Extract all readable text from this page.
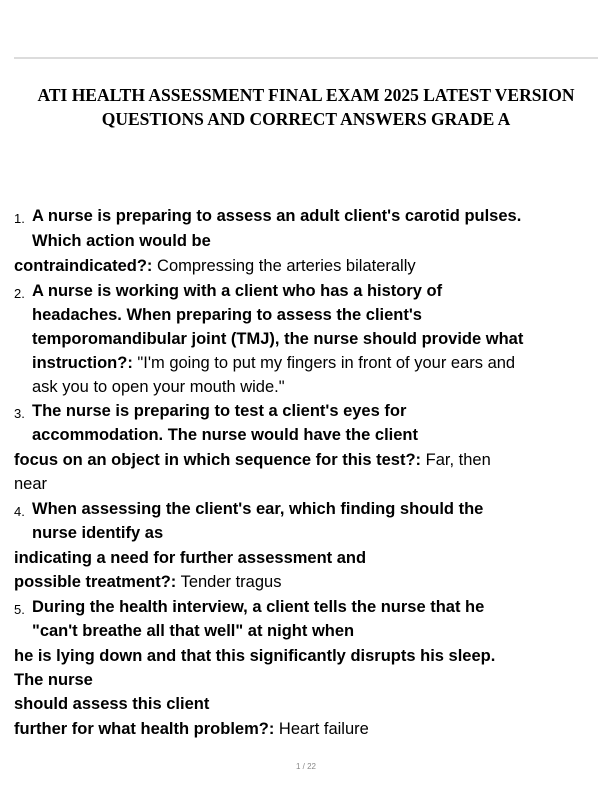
ATI HEALTH ASSESSMENT FINAL EXAM 2025 LATEST VERSION
QUESTIONS AND CORRECT ANSWERS GRADE A
1. A nurse is preparing to assess an adult client's carotid pulses.
Which action would be
contraindicated?: Compressing the arteries bilaterally
2. A nurse is working with a client who has a history of
headaches. When preparing to assess the client's
temporomandibular joint (TMJ), the nurse should provide what
instruction?: "I'm going to put my fingers in front of your ears and
ask you to open your mouth wide."
3. The nurse is preparing to test a client's eyes for
accommodation. The nurse would have the client
focus on an object in which sequence for this test?: Far, then
near
4. When assessing the client's ear, which finding should the
nurse identify as
indicating a need for further assessment and
possible treatment?: Tender tragus
5. During the health interview, a client tells the nurse that he
"can't breathe all that well" at night when
he is lying down and that this significantly disrupts his sleep.
The nurse
should assess this client
further for what health problem?: Heart failure
1 / 22
